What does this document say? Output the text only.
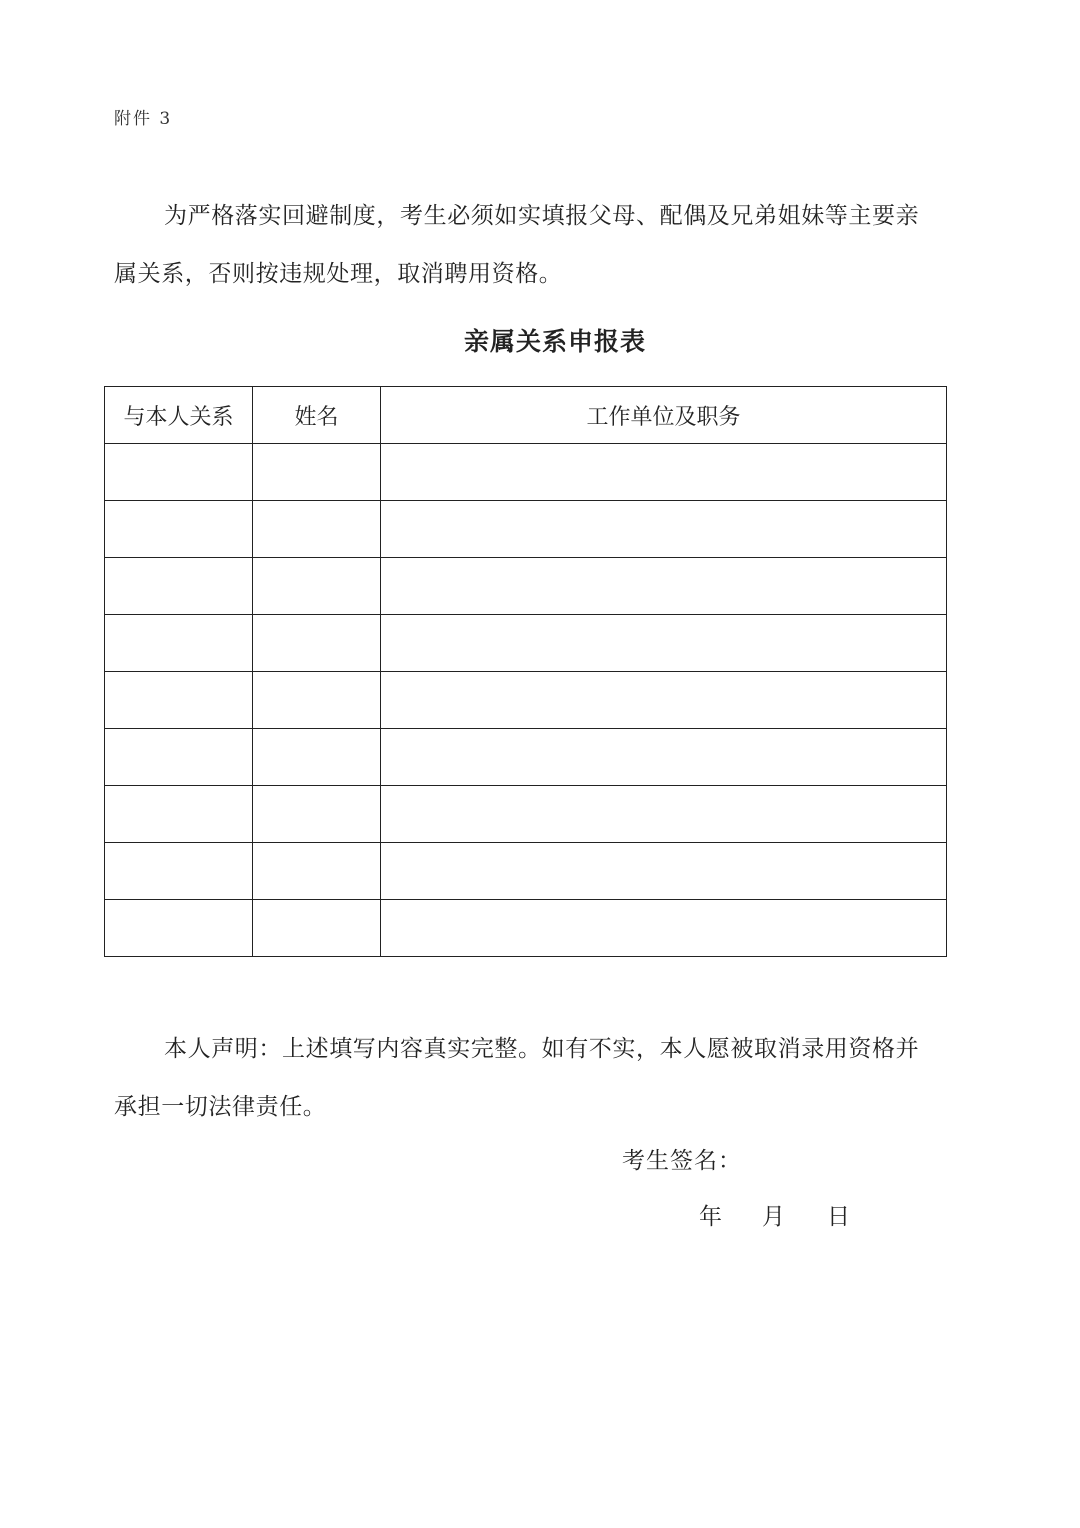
附件 3

为严格落实回避制度，考生必须如实填报父母、配偶及兄弟姐妹等主要亲属关系，否则按违规处理，取消聘用资格。

亲属关系申报表
与本人关系	姓名	工作单位及职务

本人声明：上述填写内容真实完整。如有不实，本人愿被取消录用资格并承担一切法律责任。

考生签名：
年 月 日
